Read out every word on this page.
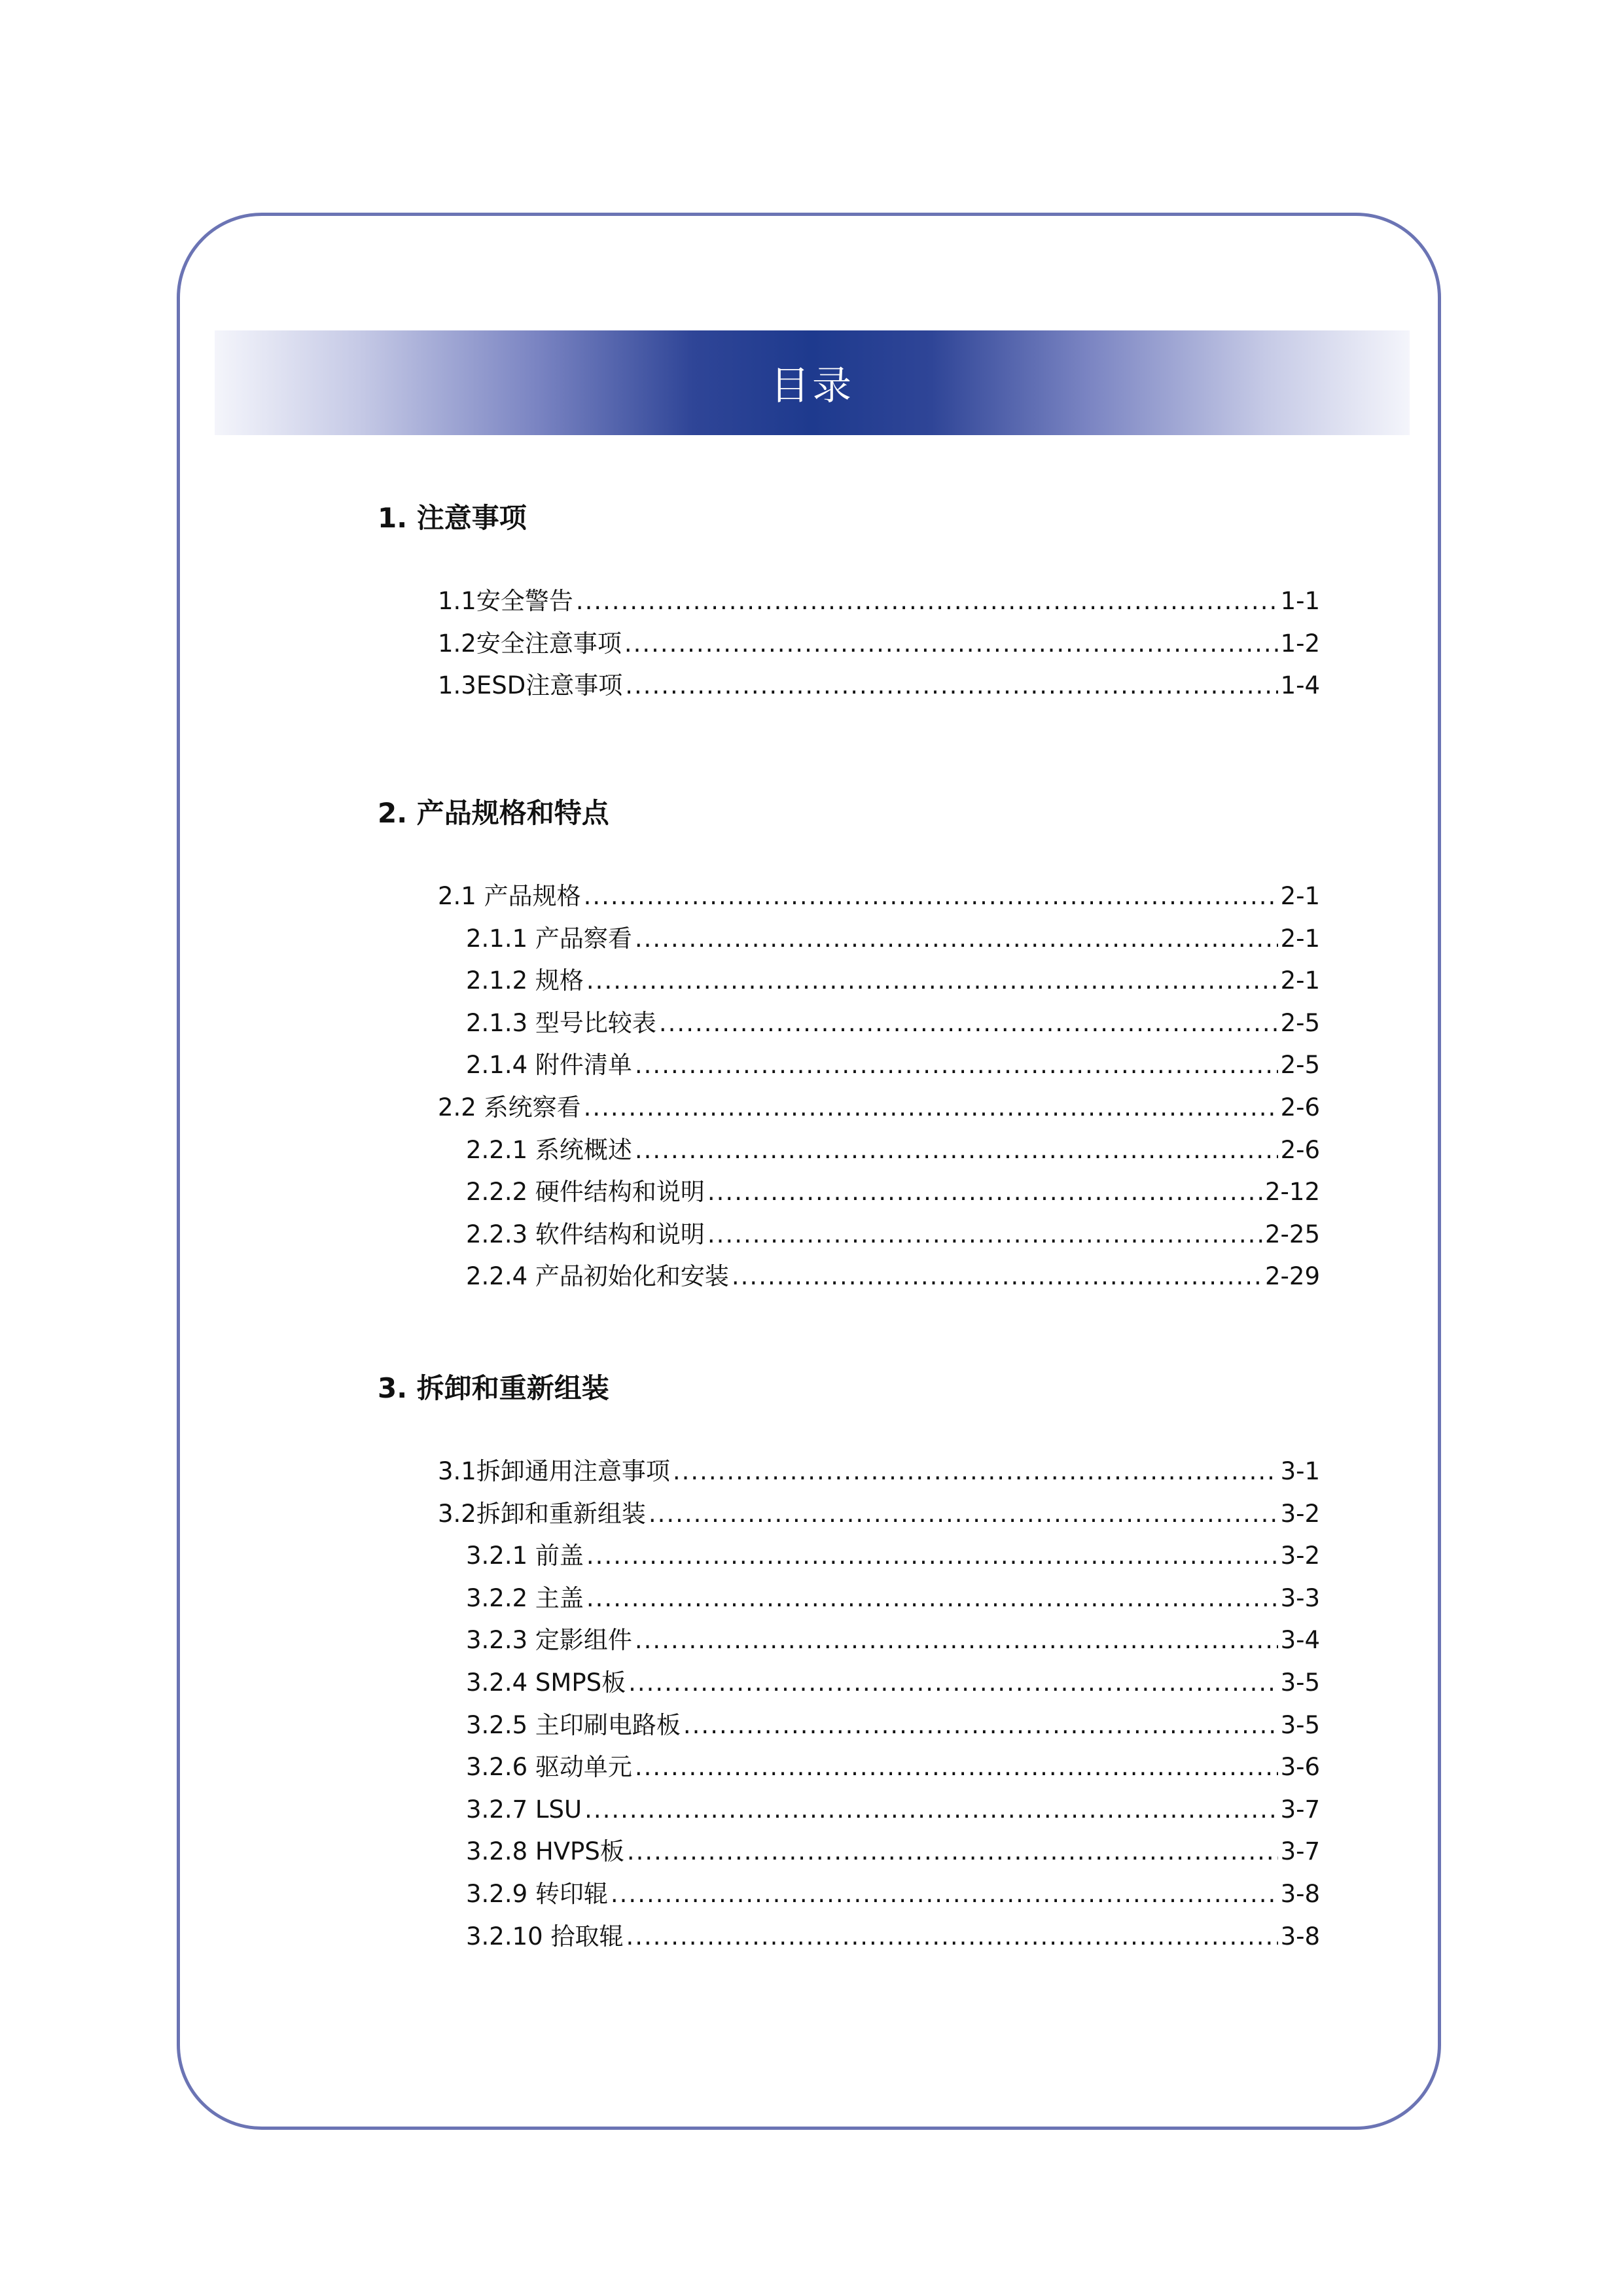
目录
1. 注意事项
1.1安全警告 .....	1-1
1.2安全注意事项 .....	1-2
1.3ESD注意事项 .....	1-4
2. 产品规格和特点
2.1 产品规格 .....	2-1
2.1.1 产品察看 .....	2-1
2.1.2 规格 .....	2-1
2.1.3 型号比较表 .....	2-5
2.1.4 附件清单 .....	2-5
2.2 系统察看 .....	2-6
2.2.1 系统概述 .....	2-6
2.2.2 硬件结构和说明 .....	2-12
2.2.3 软件结构和说明 .....	2-25
2.2.4 产品初始化和安装 .....	2-29
3. 拆卸和重新组装
3.1拆卸通用注意事项 .....	3-1
3.2拆卸和重新组装 .....	3-2
3.2.1 前盖 .....	3-2
3.2.2 主盖 .....	3-3
3.2.3 定影组件 .....	3-4
3.2.4 SMPS板 .....	3-5
3.2.5 主印刷电路板 .....	3-5
3.2.6 驱动单元 .....	3-6
3.2.7 LSU .....	3-7
3.2.8 HVPS板 .....	3-7
3.2.9 转印辊 .....	3-8
3.2.10 拾取辊 .....	3-8
